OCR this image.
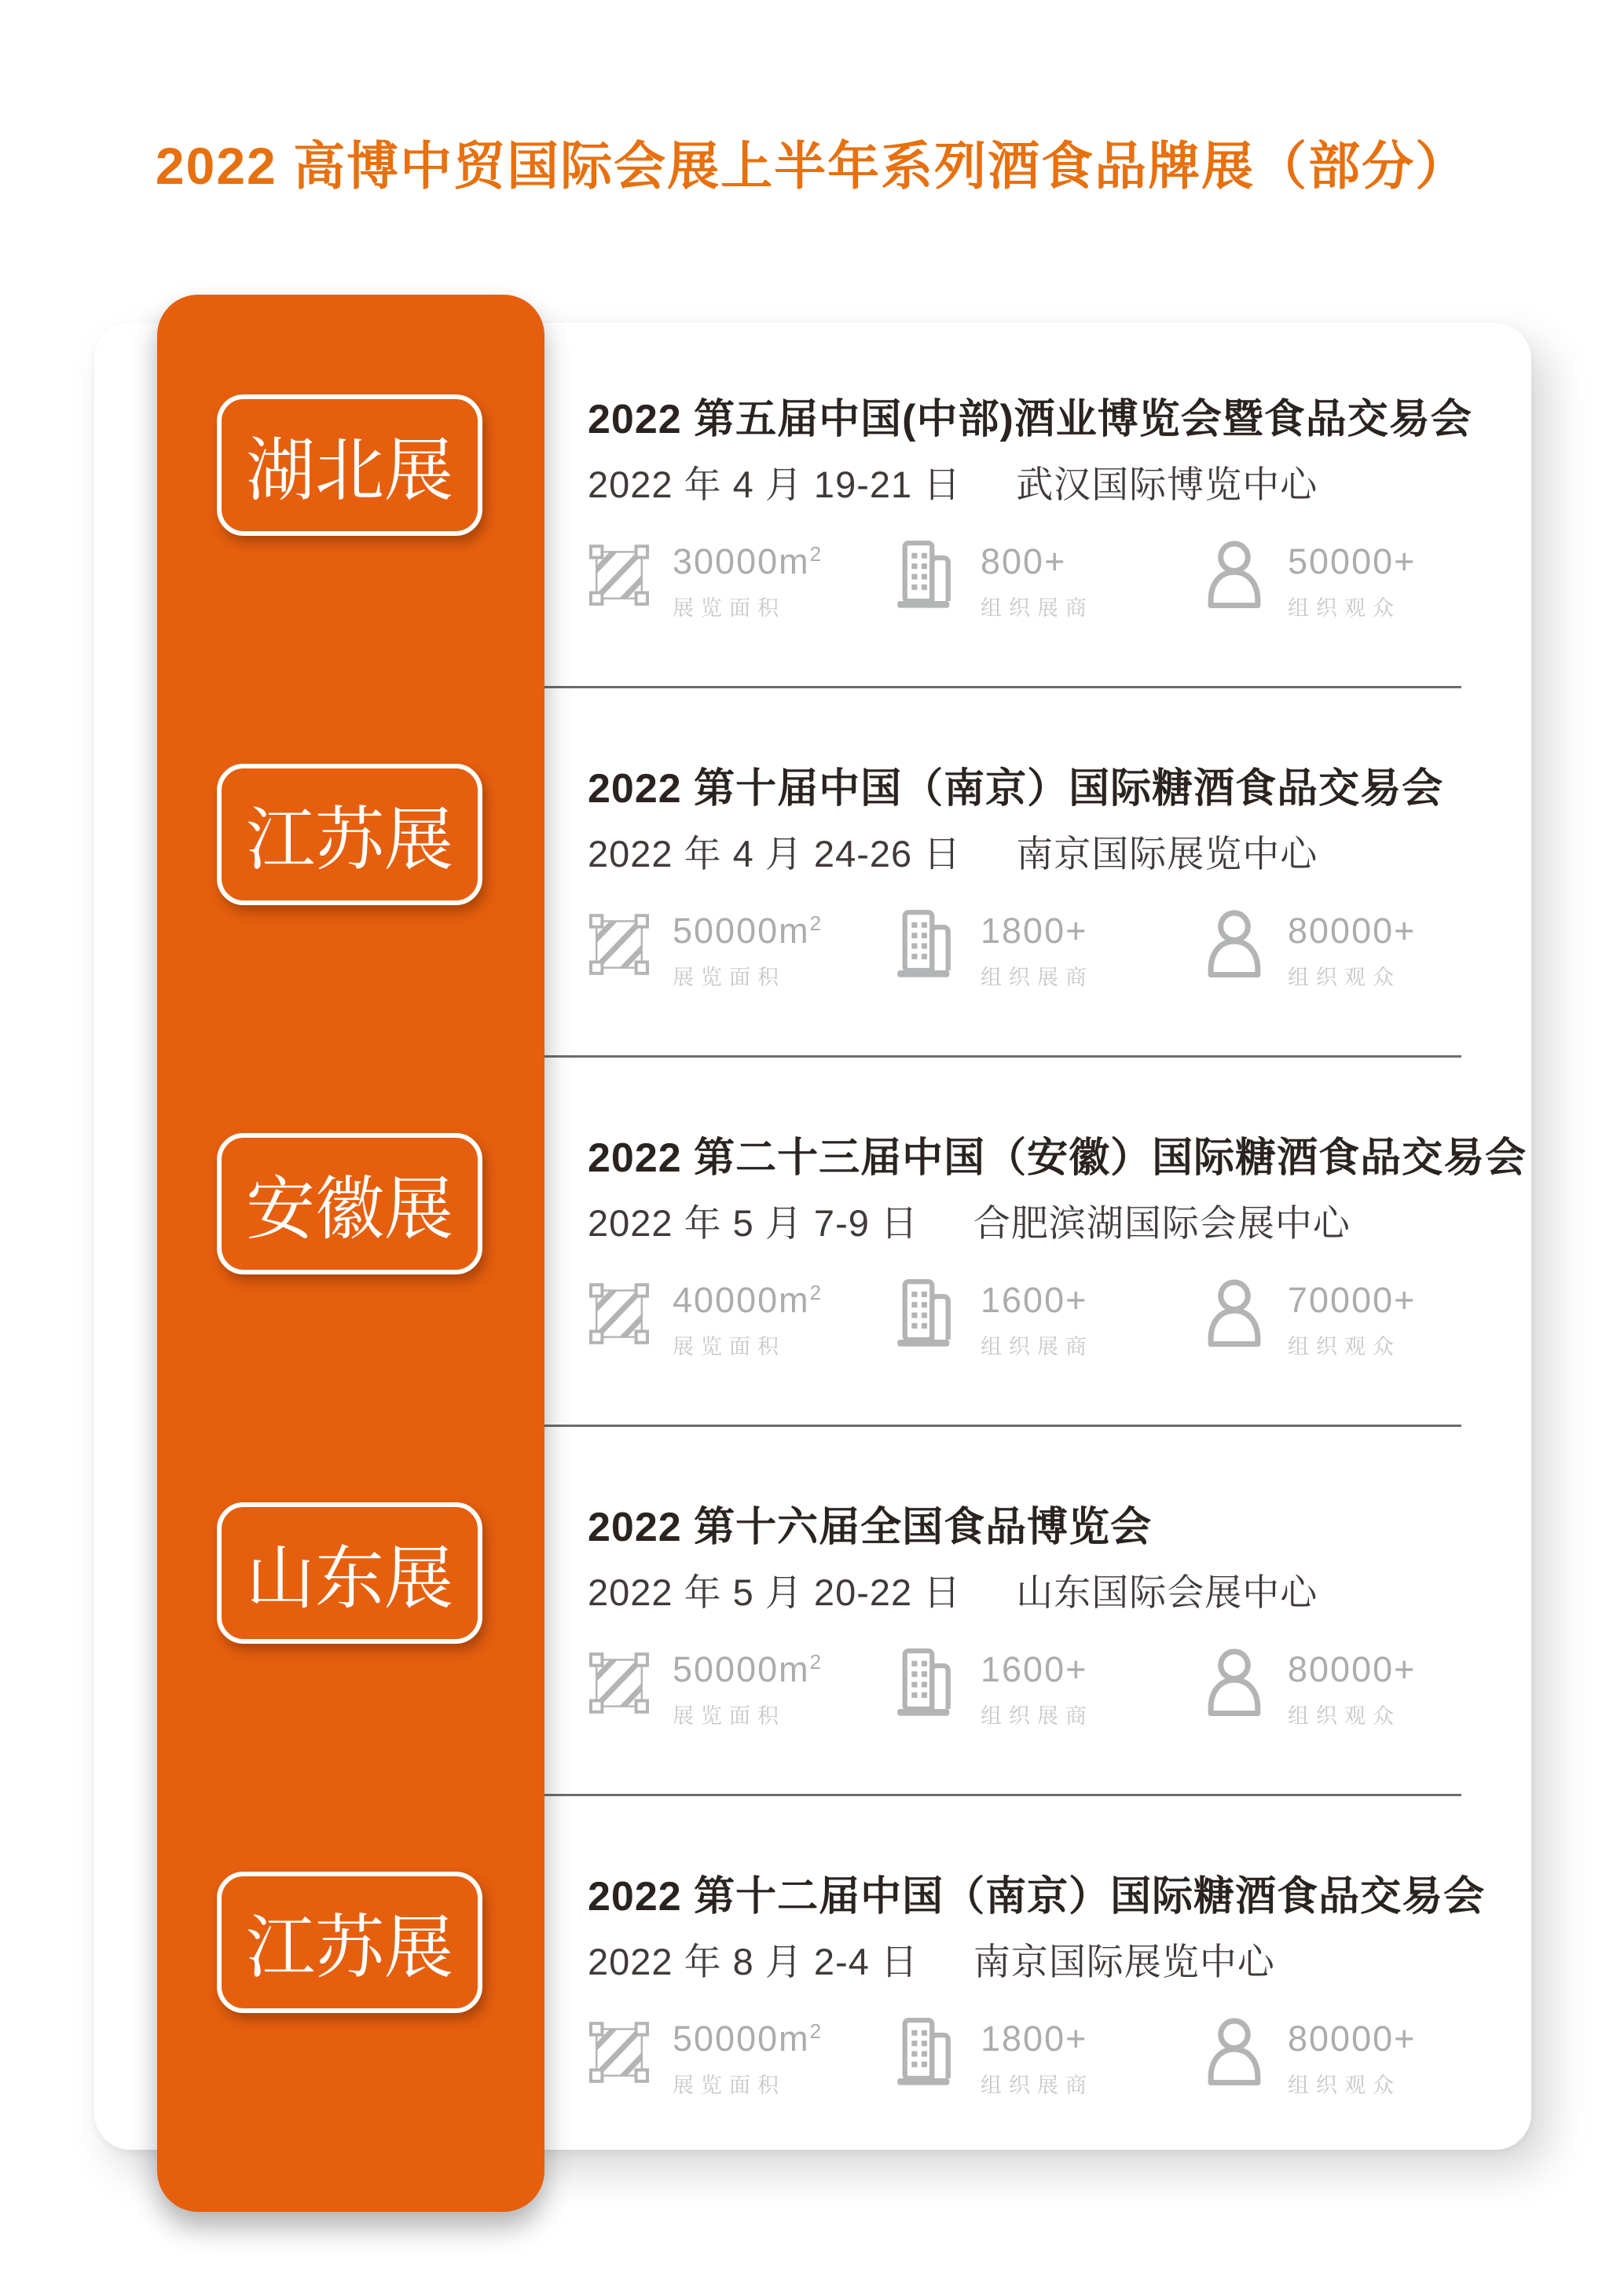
2022 高博中贸国际会展上半年系列酒食品牌展（部分）
2022 第五届中国(中部)酒业博览会暨食品交易会

2022 年 4 月 19-21 日 武汉国际博览中心

$30000m^2$
展览面积
800+
组织展商
50000+
组织观众
2022 第十届中国（南京）国际糖酒食品交易会

2022 年 4 月 24-26 日 南京国际展览中心

$50000m^2$
展览面积
1800+
组织展商
80000+
组织观众
2022 第二十三届中国（安徽）国际糖酒食品交易会

2022 年 5 月 7-9 日 合肥滨湖国际会展中心

$40000m^2$
展览面积
1600+
组织展商
70000+
组织观众
2022 第十六届全国食品博览会

2022 年 5 月 20-22 日 山东国际会展中心

$50000m^2$
展览面积
1600+
组织展商
80000+
组织观众
2022 第十二届中国（南京）国际糖酒食品交易会

2022 年 8 月 2-4 日 南京国际展览中心

$50000m^2$
展览面积
1800+
组织展商
80000+
组织观众
湖北展
江苏展
安徽展
山东展
江苏展
